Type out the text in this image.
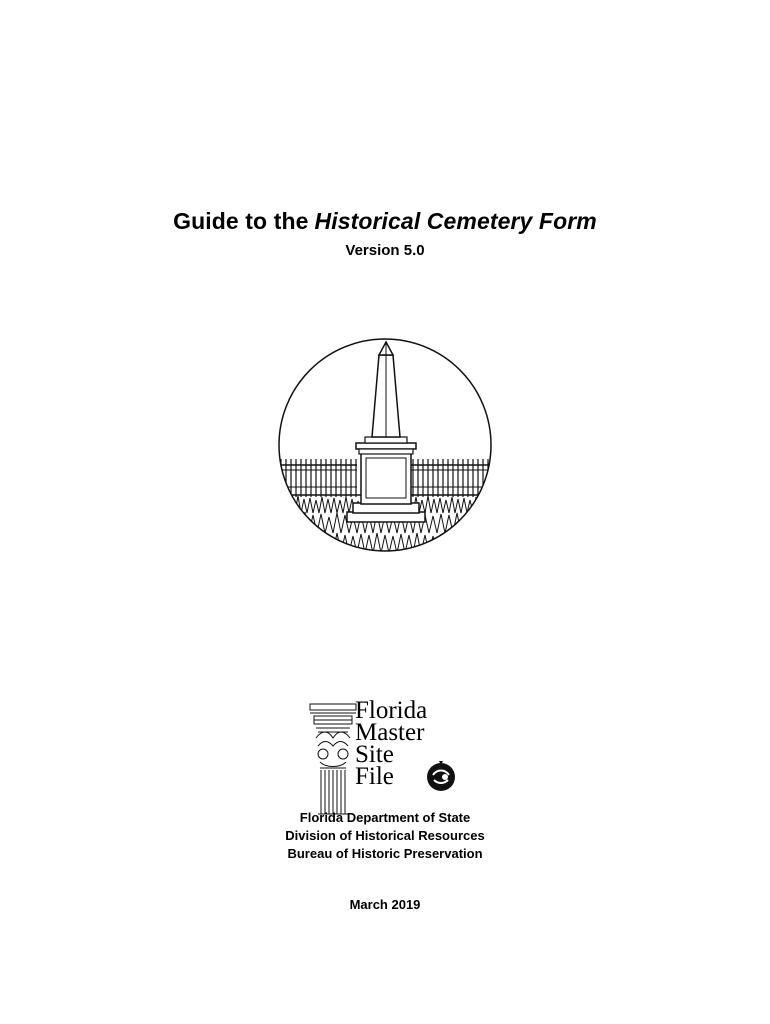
Guide to the Historical Cemetery Form
Version 5.0
Florida
Master
Site
File
Florida Department of State
Division of Historical Resources
Bureau of Historic Preservation
March 2019
